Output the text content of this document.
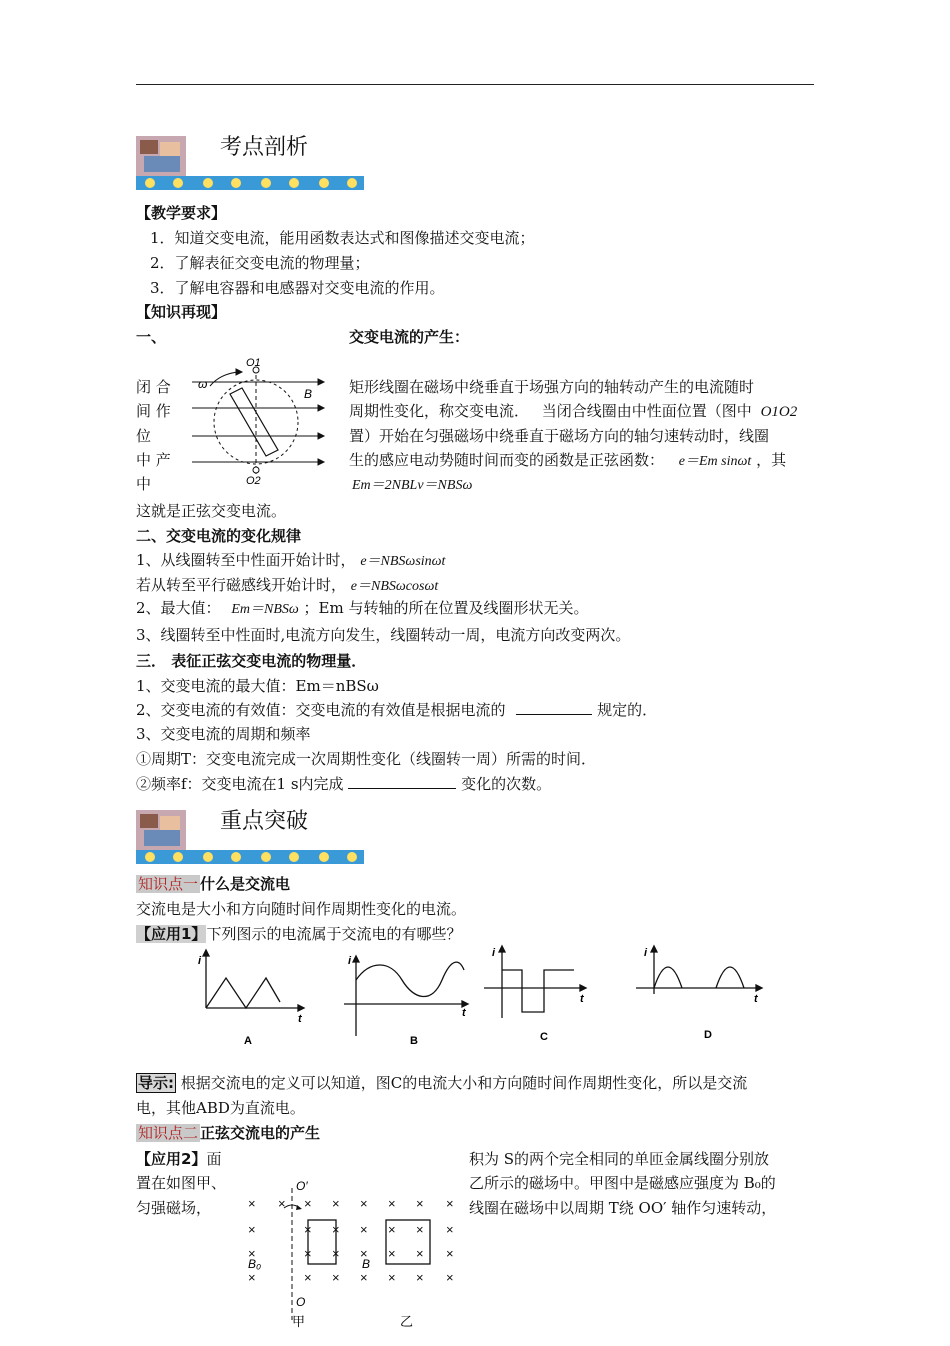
考点剖析
【教学要求】
1．知道交变电流，能用函数表达式和图像描述交变电流；
2．了解表征交变电流的物理量；
3．了解电容器和电感器对交变电流的作用。
【知识再现】
一、	交变电流的产生：
闭 合
间 作
位
中 产
中
O1
O2
ω
B 矩形线圈在磁场中绕垂直于场强方向的轴转动产生的电流随时
周期性变化，称交变电流． 当闭合线圈由中性面位置（图中 O1O2
置）开始在匀强磁场中绕垂直于磁场方向的轴匀速转动时，线圈
生的感应电动势随时间而变的函数是正弦函数： e＝Em sinωt ，其
Em＝2NBLv＝NBSω
这就是正弦交变电流。
二、交变电流的变化规律
1、从线圈转至中性面开始计时， e＝NBSωsinωt
若从转至平行磁感线开始计时， e＝NBSωcosωt
2、最大值： Em＝NBSω ；Em 与转轴的所在位置及线圈形状无关。
3、线圈转至中性面时,电流方向发生，线圈转动一周，电流方向改变两次。
三． 表征正弦交变电流的物理量．
1、交变电流的最大值：Em＝nBSω
2、交变电流的有效值：交变电流的有效值是根据电流的	规定的．
3、交变电流的周期和频率
①周期T：交变电流完成一次周期性变化（线圈转一周）所需的时间．
②频率f：交变电流在1 s内完成	变化的次数。
重点突破
知识点一 什么是交流电
交流电是大小和方向随时间作周期性变化的电流。
【应用1】下列图示的电流属于交流电的有哪些？
i
t
A
i
t
B
i
t
C
i
t
D
导示: 根据交流电的定义可以知道，图C的电流大小和方向随时间作周期性变化，所以是交流
电，其他ABD为直流电。
知识点二 正弦交流电的产生
【应用2】面	积为 S的两个完全相同的单匝金属线圈分别放
置在如图甲、	乙所示的磁场中。甲图中是磁感应强度为 B₀的
匀强磁场，	线圈在磁场中以周期 T绕 OO′ 轴作匀速转动，
× × × × × × × ×
×	× × × × × ×
×	× × × × × ×
×	× × × × × ×
O′
O
B₀	B
甲	乙
